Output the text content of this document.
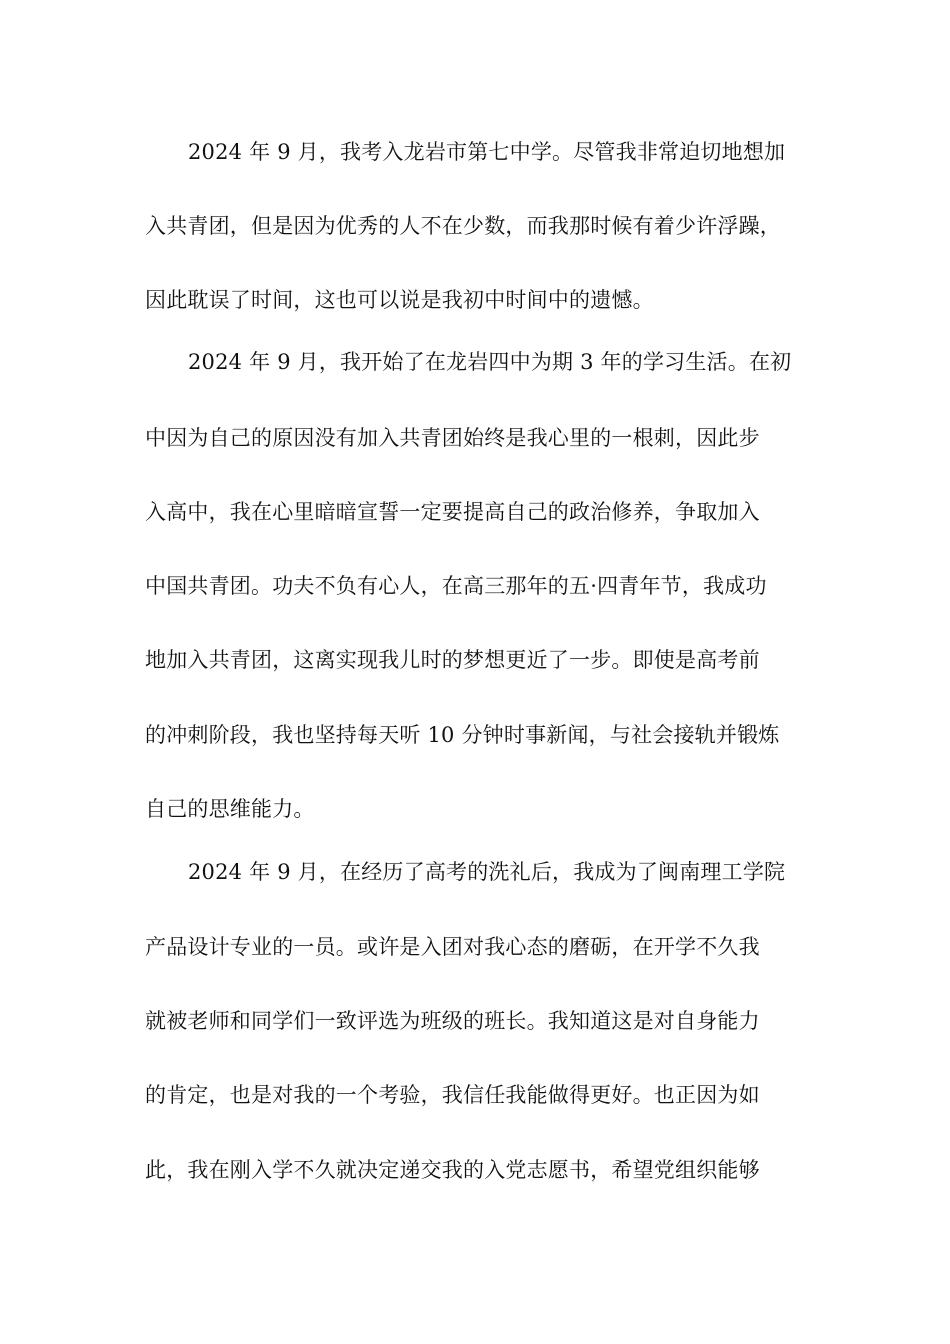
2024 年 9 月，我考入龙岩市第七中学。尽管我非常迫切地想加
入共青团，但是因为优秀的人不在少数，而我那时候有着少许浮躁，
因此耽误了时间，这也可以说是我初中时间中的遗憾。
2024 年 9 月，我开始了在龙岩四中为期 3 年的学习生活。在初
中因为自己的原因没有加入共青团始终是我心里的一根刺，因此步
入高中，我在心里暗暗宣誓一定要提高自己的政治修养，争取加入
中国共青团。功夫不负有心人，在高三那年的五·四青年节，我成功
地加入共青团，这离实现我儿时的梦想更近了一步。即使是高考前
的冲刺阶段，我也坚持每天听 10 分钟时事新闻，与社会接轨并锻炼
自己的思维能力。
2024 年 9 月，在经历了高考的洗礼后，我成为了闽南理工学院
产品设计专业的一员。或许是入团对我心态的磨砺，在开学不久我
就被老师和同学们一致评选为班级的班长。我知道这是对自身能力
的肯定，也是对我的一个考验，我信任我能做得更好。也正因为如
此，我在刚入学不久就决定递交我的入党志愿书，希望党组织能够
